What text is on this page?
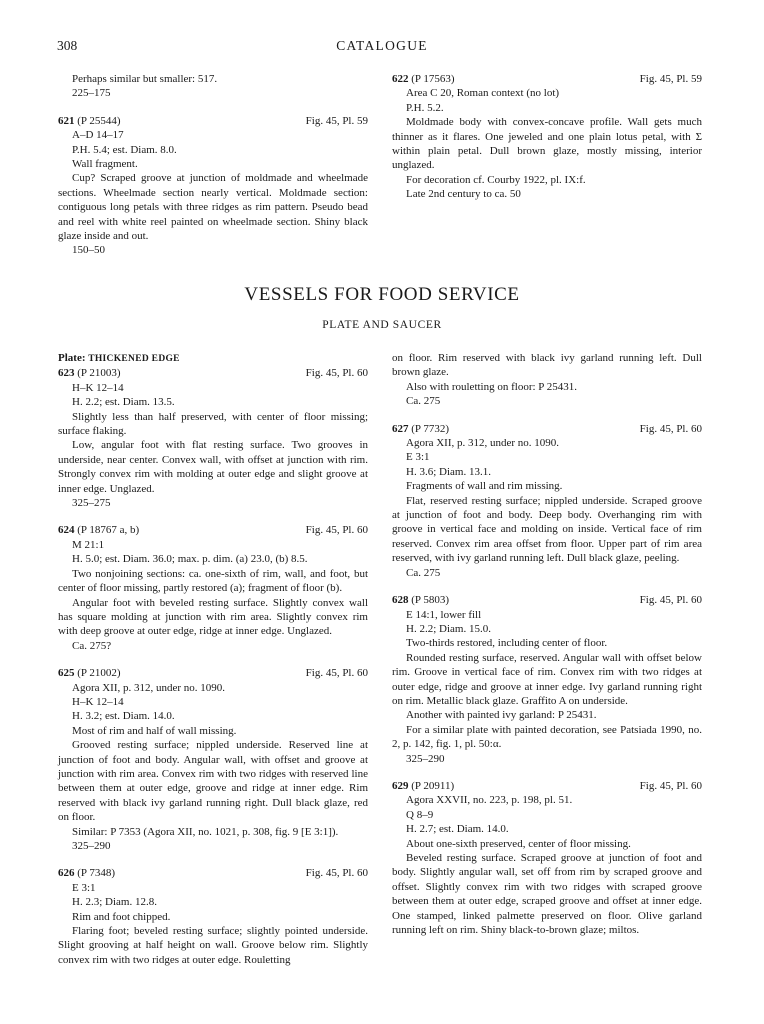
308	CATALOGUE
Perhaps similar but smaller: 517.
225–175
621 (P 25544)	Fig. 45, Pl. 59
A–D 14–17
P.H. 5.4; est. Diam. 8.0.
Wall fragment.

Cup? Scraped groove at junction of moldmade and wheelmade sections. Wheelmade section nearly vertical. Moldmade section: contiguous long petals with three ridges as rim pattern. Pseudo bead and reel with white reel painted on wheelmade section. Shiny black glaze inside and out.

150–50
622 (P 17563)	Fig. 45, Pl. 59
Area C 20, Roman context (no lot)
P.H. 5.2.

Moldmade body with convex-concave profile. Wall gets much thinner as it flares. One jeweled and one plain lotus petal, with Σ within plain petal. Dull brown glaze, mostly missing, interior unglazed.

For decoration cf. Courby 1922, pl. IX:f.

Late 2nd century to ca. 50
VESSELS FOR FOOD SERVICE
PLATE AND SAUCER
Plate: THICKENED EDGE
623 (P 21003)	Fig. 45, Pl. 60
H–K 12–14
H. 2.2; est. Diam. 13.5.

Slightly less than half preserved, with center of floor missing; surface flaking.

Low, angular foot with flat resting surface. Two grooves in underside, near center. Convex wall, with offset at junction with rim. Strongly convex rim with molding at outer edge and slight groove at inner edge. Unglazed.

325–275
624 (P 18767 a, b)	Fig. 45, Pl. 60
M 21:1
H. 5.0; est. Diam. 36.0; max. p. dim. (a) 23.0, (b) 8.5.

Two nonjoining sections: ca. one-sixth of rim, wall, and foot, but center of floor missing, partly restored (a); fragment of floor (b).

Angular foot with beveled resting surface. Slightly convex wall has square molding at junction with rim area. Slightly convex rim with deep groove at outer edge, ridge at inner edge. Unglazed.

Ca. 275?
625 (P 21002)	Fig. 45, Pl. 60
Agora XII, p. 312, under no. 1090.
H–K 12–14
H. 3.2; est. Diam. 14.0.
Most of rim and half of wall missing.

Grooved resting surface; nippled underside. Reserved line at junction of foot and body. Angular wall, with offset and groove at junction with rim area. Convex rim with two ridges with reserved line between them at outer edge, groove and ridge at inner edge. Rim reserved with black ivy garland running right. Dull black glaze, red on floor.

Similar: P 7353 (Agora XII, no. 1021, p. 308, fig. 9 [E 3:1]).

325–290
626 (P 7348)	Fig. 45, Pl. 60
E 3:1
H. 2.3; Diam. 12.8.
Rim and foot chipped.

Flaring foot; beveled resting surface; slightly pointed underside. Slight grooving at half height on wall. Groove below rim. Slightly convex rim with two ridges at outer edge. Rouletting

on floor. Rim reserved with black ivy garland running left. Dull brown glaze.

Also with rouletting on floor: P 25431.

Ca. 275
627 (P 7732)	Fig. 45, Pl. 60
Agora XII, p. 312, under no. 1090.
E 3:1
H. 3.6; Diam. 13.1.
Fragments of wall and rim missing.

Flat, reserved resting surface; nippled underside. Scraped groove at junction of foot and body. Deep body. Overhanging rim with groove in vertical face and molding on inside. Vertical face of rim reserved. Convex rim area offset from floor. Upper part of rim area reserved, with ivy garland running left. Dull black glaze, peeling.

Ca. 275
628 (P 5803)	Fig. 45, Pl. 60
E 14:1, lower fill
H. 2.2; Diam. 15.0.
Two-thirds restored, including center of floor.

Rounded resting surface, reserved. Angular wall with offset below rim. Groove in vertical face of rim. Convex rim with two ridges at outer edge, ridge and groove at inner edge. Ivy garland running right on rim. Metallic black glaze. Graffito A on underside.

Another with painted ivy garland: P 25431.

For a similar plate with painted decoration, see Patsiada 1990, no. 2, p. 142, fig. 1, pl. 50:α.

325–290
629 (P 20911)	Fig. 45, Pl. 60
Agora XXVII, no. 223, p. 198, pl. 51.
Q 8–9
H. 2.7; est. Diam. 14.0.
About one-sixth preserved, center of floor missing.

Beveled resting surface. Scraped groove at junction of foot and body. Slightly angular wall, set off from rim by scraped groove and offset. Slightly convex rim with two ridges with scraped groove between them at outer edge, scraped groove and offset at inner edge. One stamped, linked palmette preserved on floor. Olive garland running left on rim. Shiny black-to-brown glaze; miltos.
